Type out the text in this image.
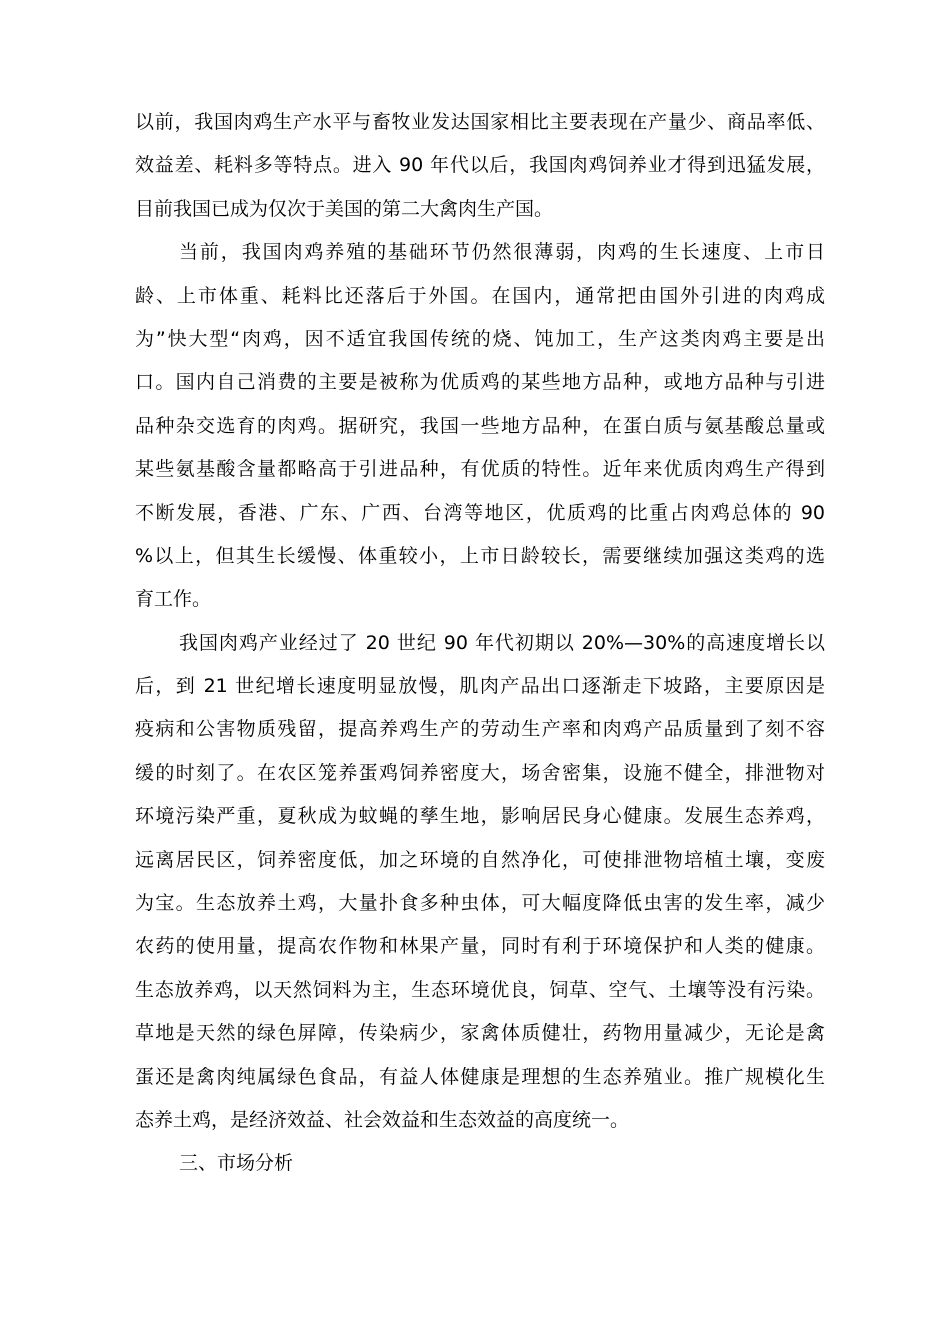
以前，我国肉鸡生产水平与畜牧业发达国家相比主要表现在产量少、商品率低、
效益差、耗料多等特点。进入 90 年代以后，我国肉鸡饲养业才得到迅猛发展，
目前我国已成为仅次于美国的第二大禽肉生产国。
当前，我国肉鸡养殖的基础环节仍然很薄弱，肉鸡的生长速度、上市日
龄、上市体重、耗料比还落后于外国。在国内，通常把由国外引进的肉鸡成
为”快大型“肉鸡，因不适宜我国传统的烧、饨加工，生产这类肉鸡主要是出
口。国内自己消费的主要是被称为优质鸡的某些地方品种，或地方品种与引进
品种杂交选育的肉鸡。据研究，我国一些地方品种，在蛋白质与氨基酸总量或
某些氨基酸含量都略高于引进品种，有优质的特性。近年来优质肉鸡生产得到
不断发展，香港、广东、广西、台湾等地区，优质鸡的比重占肉鸡总体的 90
%以上，但其生长缓慢、体重较小，上市日龄较长，需要继续加强这类鸡的选
育工作。
我国肉鸡产业经过了 20 世纪 90 年代初期以 20%—30%的高速度增长以
后，到 21 世纪增长速度明显放慢，肌肉产品出口逐渐走下坡路，主要原因是
疫病和公害物质残留，提高养鸡生产的劳动生产率和肉鸡产品质量到了刻不容
缓的时刻了。在农区笼养蛋鸡饲养密度大，场舍密集，设施不健全，排泄物对
环境污染严重，夏秋成为蚊蝇的孳生地，影响居民身心健康。发展生态养鸡，
远离居民区，饲养密度低，加之环境的自然净化，可使排泄物培植土壤，变废
为宝。生态放养土鸡，大量扑食多种虫体，可大幅度降低虫害的发生率，减少
农药的使用量，提高农作物和林果产量，同时有利于环境保护和人类的健康。
生态放养鸡，以天然饲料为主，生态环境优良，饲草、空气、土壤等没有污染。
草地是天然的绿色屏障，传染病少，家禽体质健壮，药物用量减少，无论是禽
蛋还是禽肉纯属绿色食品，有益人体健康是理想的生态养殖业。推广规模化生
态养土鸡，是经济效益、社会效益和生态效益的高度统一。
三、市场分析
